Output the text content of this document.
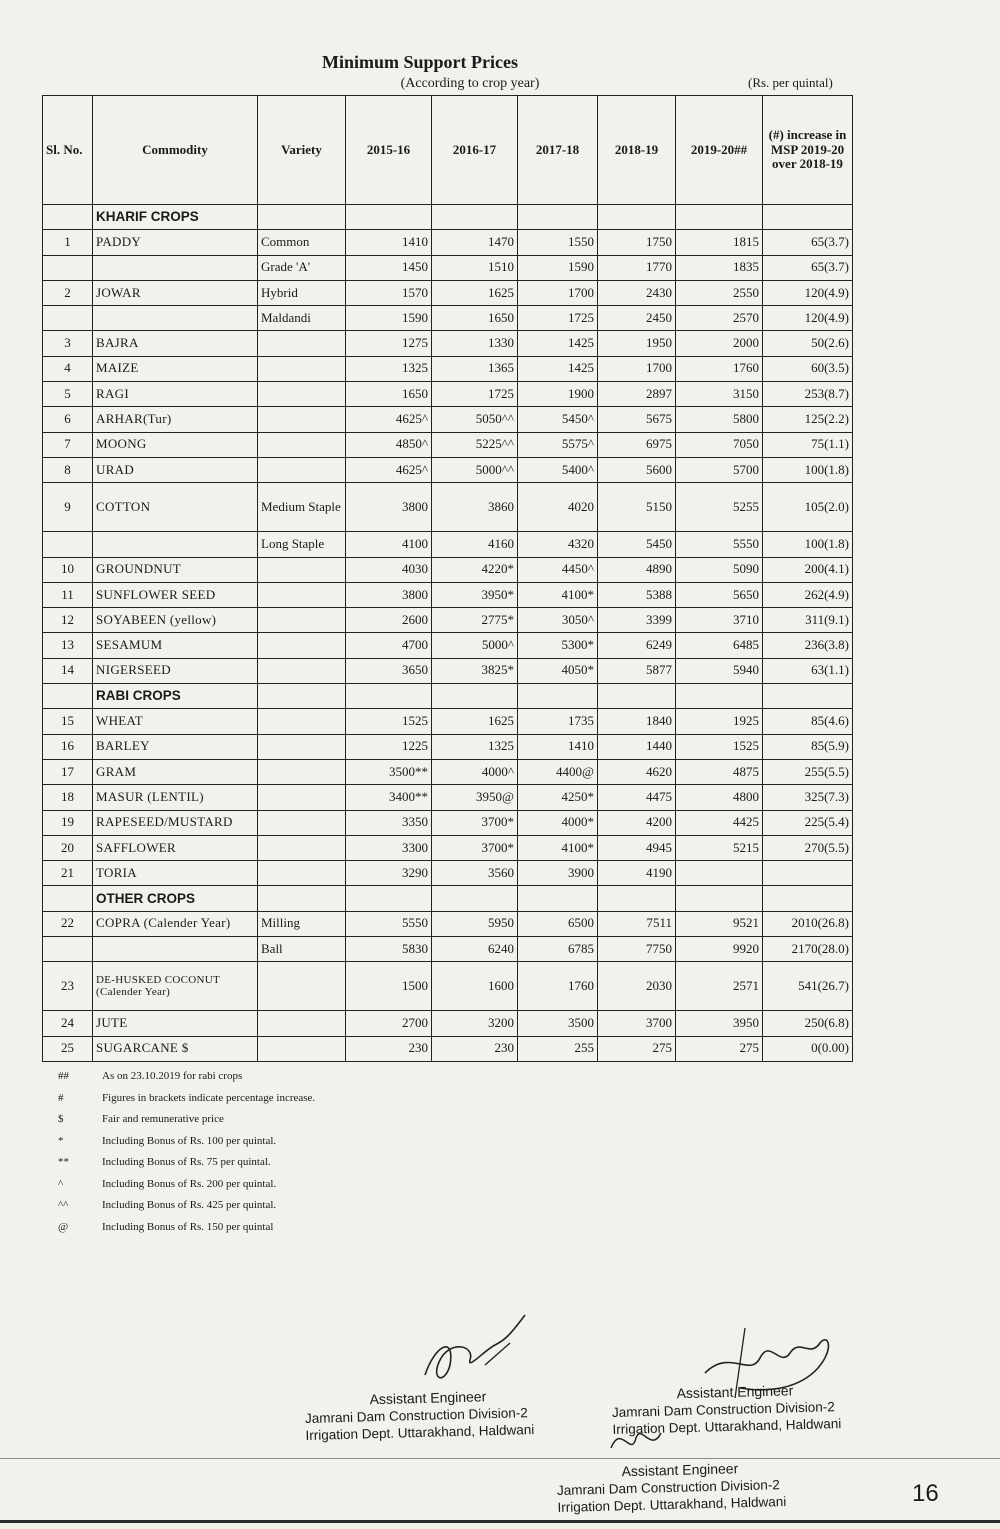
Minimum Support Prices
(According to crop year)	(Rs. per quintal)
Sl. No.	Commodity	Variety	2015-16	2016-17	2017-18	2018-19	2019-20##	(#) increase in MSP 2019-20 over 2018-19
	KHARIF CROPS							
1	PADDY	Common	1410	1470	1550	1750	1815	65(3.7)
		Grade 'A'	1450	1510	1590	1770	1835	65(3.7)
2	JOWAR	Hybrid	1570	1625	1700	2430	2550	120(4.9)
		Maldandi	1590	1650	1725	2450	2570	120(4.9)
3	BAJRA		1275	1330	1425	1950	2000	50(2.6)
4	MAIZE		1325	1365	1425	1700	1760	60(3.5)
5	RAGI		1650	1725	1900	2897	3150	253(8.7)
6	ARHAR(Tur)		4625^	5050^^	5450^	5675	5800	125(2.2)
7	MOONG		4850^	5225^^	5575^	6975	7050	75(1.1)
8	URAD		4625^	5000^^	5400^	5600	5700	100(1.8)
9	COTTON	Medium Staple	3800	3860	4020	5150	5255	105(2.0)
		Long Staple	4100	4160	4320	5450	5550	100(1.8)
10	GROUNDNUT		4030	4220*	4450^	4890	5090	200(4.1)
11	SUNFLOWER SEED		3800	3950*	4100*	5388	5650	262(4.9)
12	SOYABEEN (yellow)		2600	2775*	3050^	3399	3710	311(9.1)
13	SESAMUM		4700	5000^	5300*	6249	6485	236(3.8)
14	NIGERSEED		3650	3825*	4050*	5877	5940	63(1.1)
	RABI CROPS							
15	WHEAT		1525	1625	1735	1840	1925	85(4.6)
16	BARLEY		1225	1325	1410	1440	1525	85(5.9)
17	GRAM		3500**	4000^	4400@	4620	4875	255(5.5)
18	MASUR (LENTIL)		3400**	3950@	4250*	4475	4800	325(7.3)
19	RAPESEED/MUSTARD		3350	3700*	4000*	4200	4425	225(5.4)
20	SAFFLOWER		3300	3700*	4100*	4945	5215	270(5.5)
21	TORIA		3290	3560	3900	4190		
	OTHER CROPS							
22	COPRA (Calender Year)	Milling	5550	5950	6500	7511	9521	2010(26.8)
		Ball	5830	6240	6785	7750	9920	2170(28.0)
23	DE-HUSKED COCONUT (Calender Year)		1500	1600	1760	2030	2571	541(26.7)
24	JUTE		2700	3200	3500	3700	3950	250(6.8)
25	SUGARCANE $		230	230	255	275	275	0(0.00)
##	As on 23.10.2019 for rabi crops
#	Figures in brackets indicate percentage increase.
$	Fair and remunerative price
*	Including Bonus of Rs. 100 per quintal.
**	Including Bonus of Rs. 75 per quintal.
^	Including Bonus of Rs. 200 per quintal.
^^	Including Bonus of Rs. 425 per quintal.
@	Including Bonus of Rs. 150 per quintal
Assistant Engineer
Jamrani Dam Construction Division-2
Irrigation Dept. Uttarakhand, Haldwani
Assistant Engineer
Jamrani Dam Construction Division-2
Irrigation Dept. Uttarakhand, Haldwani
Assistant Engineer
Jamrani Dam Construction Division-2
Irrigation Dept. Uttarakhand, Haldwani	16
